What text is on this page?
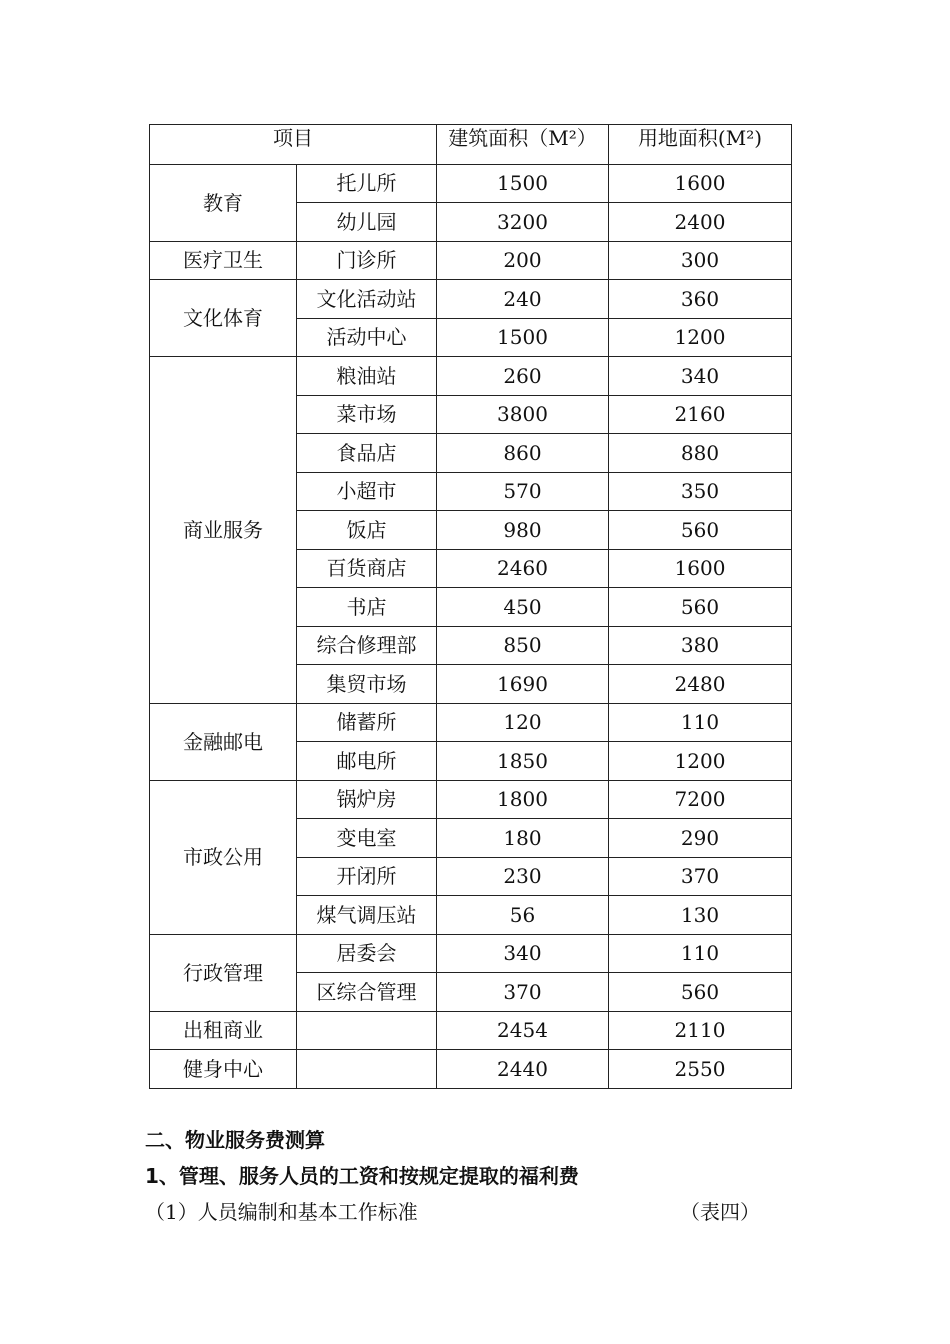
项目		建筑面积（M²）	用地面积(M²)
教育	托儿所	1500	1600
	幼儿园	3200	2400
医疗卫生	门诊所	200	300
文化体育	文化活动站	240	360
	活动中心	1500	1200
商业服务	粮油站	260	340
	菜市场	3800	2160
	食品店	860	880
	小超市	570	350
	饭店	980	560
	百货商店	2460	1600
	书店	450	560
	综合修理部	850	380
	集贸市场	1690	2480
金融邮电	储蓄所	120	110
	邮电所	1850	1200
市政公用	锅炉房	1800	7200
	变电室	180	290
	开闭所	230	370
	煤气调压站	56	130
行政管理	居委会	340	110
	区综合管理	370	560
出租商业		2454	2110
健身中心		2440	2550
二、物业服务费测算
1、管理、服务人员的工资和按规定提取的福利费
（1）人员编制和基本工作标准	（表四）
